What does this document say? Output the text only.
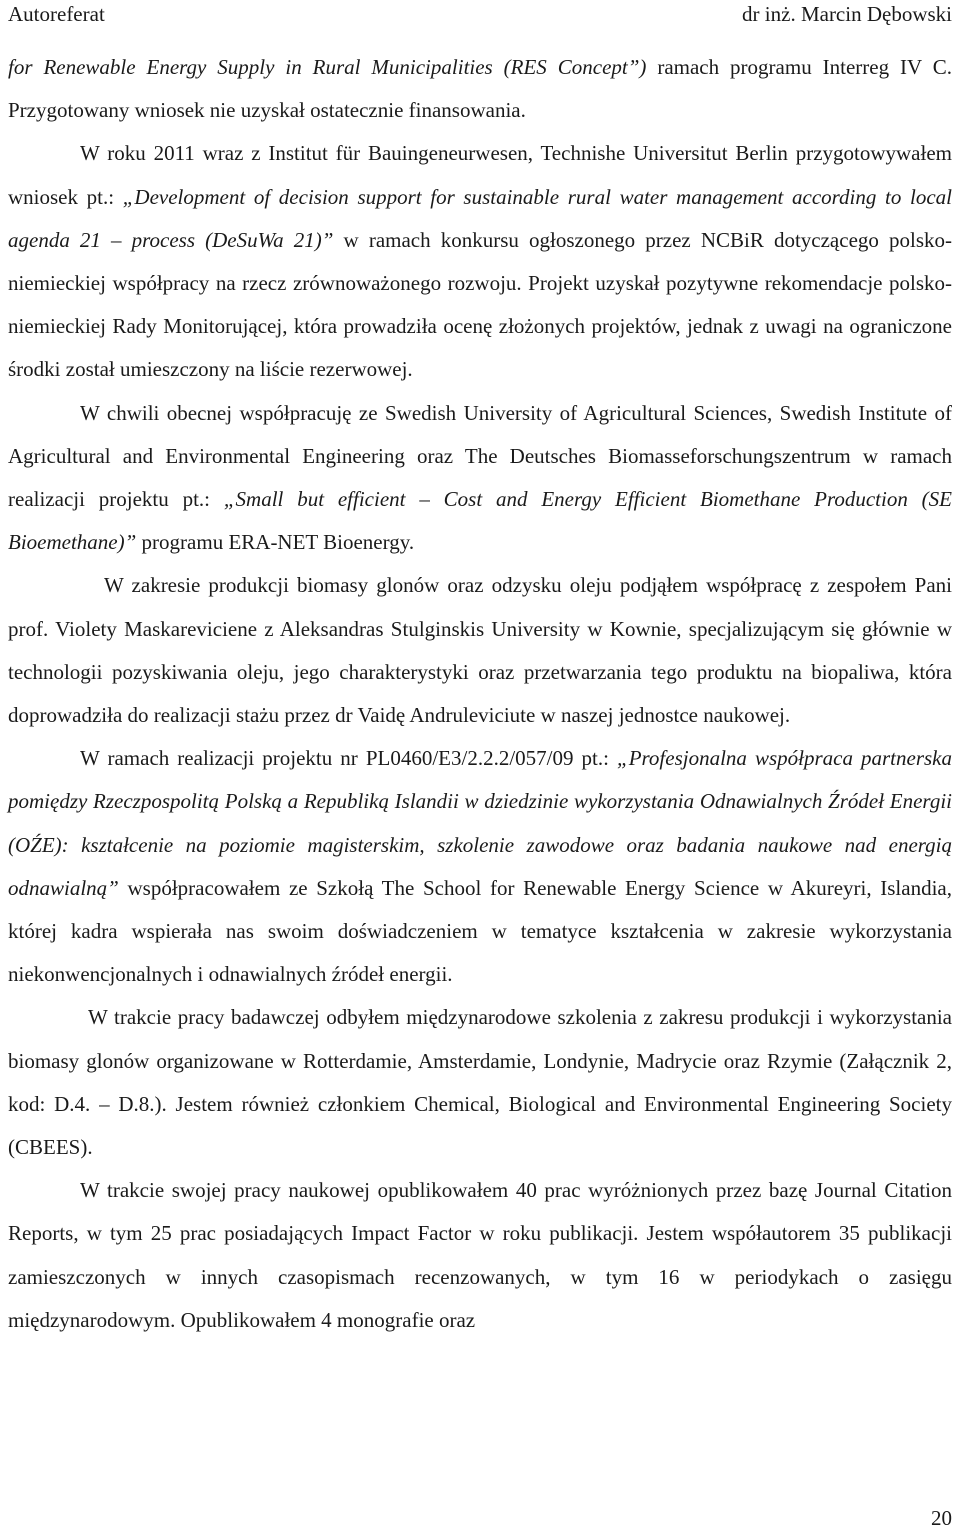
Autoreferat	dr inż. Marcin Dębowski

for Renewable Energy Supply in Rural Municipalities (RES Concept”) ramach programu Interreg IV C. Przygotowany wniosek nie uzyskał ostatecznie finansowania.

W roku 2011 wraz z Institut für Bauingeneurwesen, Technishe Universitut Berlin przygotowywałem wniosek pt.: „Development of decision support for sustainable rural water management according to local agenda 21 – process (DeSuWa 21)” w ramach konkursu ogłoszonego przez NCBiR dotyczącego polsko-niemieckiej współpracy na rzecz zrównoważonego rozwoju. Projekt uzyskał pozytywne rekomendacje polsko-niemieckiej Rady Monitorującej, która prowadziła ocenę złożonych projektów, jednak z uwagi na ograniczone środki został umieszczony na liście rezerwowej.

W chwili obecnej współpracuję ze Swedish University of Agricultural Sciences, Swedish Institute of Agricultural and Environmental Engineering oraz The Deutsches Biomasseforschungszentrum w ramach realizacji projektu pt.: „Small but efficient – Cost and Energy Efficient Biomethane Production (SE Bioemethane)” programu ERA-NET Bioenergy.

W zakresie produkcji biomasy glonów oraz odzysku oleju podjąłem współpracę z zespołem Pani prof. Violety Maskareviciene z Aleksandras Stulginskis University w Kownie, specjalizującym się głównie w technologii pozyskiwania oleju, jego charakterystyki oraz przetwarzania tego produktu na biopaliwa, która doprowadziła do realizacji stażu przez dr Vaidę Andruleviciute w naszej jednostce naukowej.

W ramach realizacji projektu nr PL0460/E3/2.2.2/057/09 pt.: „Profesjonalna współpraca partnerska pomiędzy Rzeczpospolitą Polską a Republiką Islandii w dziedzinie wykorzystania Odnawialnych Źródeł Energii (OŹE): kształcenie na poziomie magisterskim, szkolenie zawodowe oraz badania naukowe nad energią odnawialną” współpracowałem ze Szkołą The School for Renewable Energy Science w Akureyri, Islandia, której kadra wspierała nas swoim doświadczeniem w tematyce kształcenia w zakresie wykorzystania niekonwencjonalnych i odnawialnych źródeł energii.

W trakcie pracy badawczej odbyłem międzynarodowe szkolenia z zakresu produkcji i wykorzystania biomasy glonów organizowane w Rotterdamie, Amsterdamie, Londynie, Madrycie oraz Rzymie (Załącznik 2, kod: D.4. – D.8.). Jestem również członkiem Chemical, Biological and Environmental Engineering Society (CBEES).

W trakcie swojej pracy naukowej opublikowałem 40 prac wyróżnionych przez bazę Journal Citation Reports, w tym 25 prac posiadających Impact Factor w roku publikacji. Jestem współautorem 35 publikacji zamieszczonych w innych czasopismach recenzowanych, w tym 16 w periodykach o zasięgu międzynarodowym. Opublikowałem 4 monografie oraz

20
